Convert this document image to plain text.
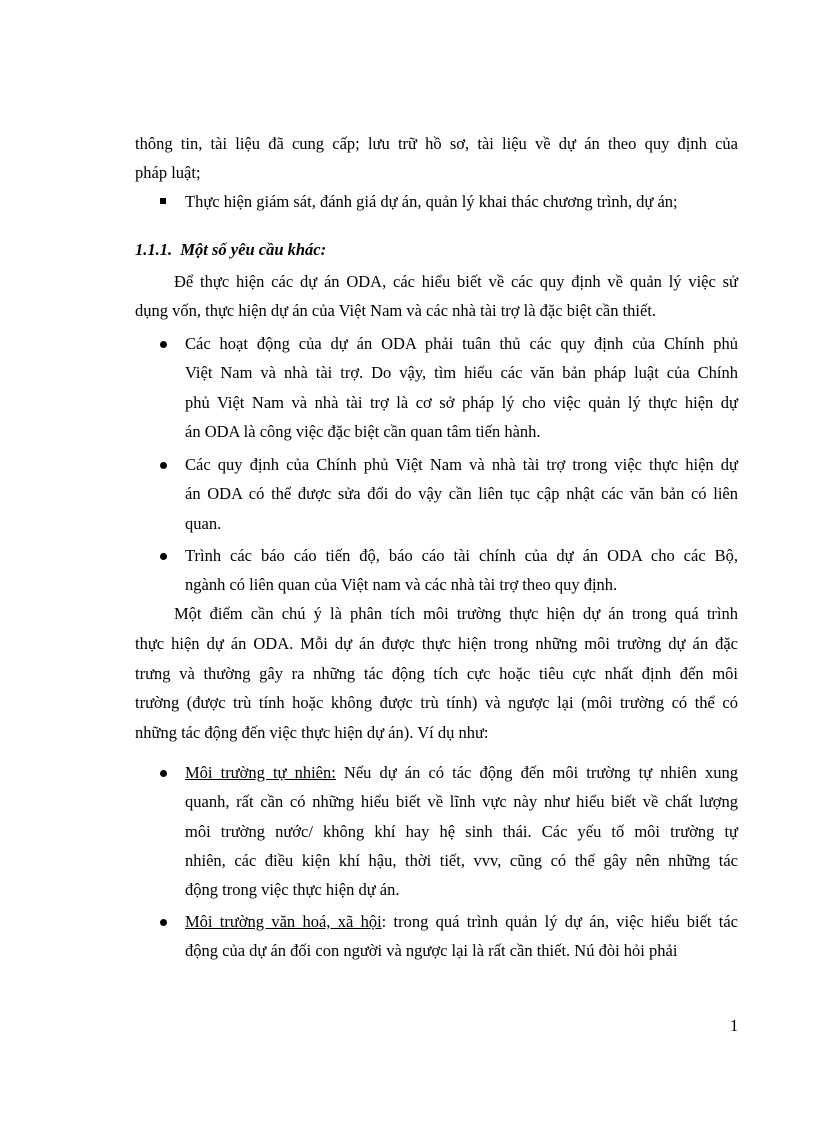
thông tin, tài liệu đã cung cấp; lưu trữ hồ sơ, tài liệu về dự án theo quy định của
pháp luật;
Thực hiện giám sát, đánh giá dự án, quản lý khai thác chương trình, dự án;
1.1.1. Một số yêu cầu khác:
Để thực hiện các dự án ODA, các hiểu biết về các quy định về quản lý việc sử
dụng vốn, thực hiện dự án của Việt Nam và các nhà tài trợ là đặc biệt cần thiết.
Các hoạt động của dự án ODA phải tuân thủ các quy định của Chính phủ
Việt Nam và nhà tài trợ. Do vậy, tìm hiểu các văn bản pháp luật của Chính
phủ Việt Nam và nhà tài trợ là cơ sở pháp lý cho việc quản lý thực hiện dự
án ODA là công việc đặc biệt cần quan tâm tiến hành.
Các quy định của Chính phủ Việt Nam và nhà tài trợ trong việc thực hiện dự
án ODA có thể được sửa đổi do vậy cần liên tục cập nhật các văn bản có liên
quan.
Trình các báo cáo tiến độ, báo cáo tài chính của dự án ODA cho các Bộ,
ngành có liên quan của Việt nam và các nhà tài trợ theo quy định.
Một điểm cần chú ý là phân tích môi trường thực hiện dự án trong quá trình
thực hiện dự án ODA. Mỗi dự án được thực hiện trong những môi trường dự án đặc
trưng và thường gây ra những tác động tích cực hoặc tiêu cực nhất định đến môi
trường (được trù tính hoặc không được trù tính) và ngược lại (môi trường có thể có
những tác động đến việc thực hiện dự án). Ví dụ như:
Môi trường tự nhiên: Nếu dự án có tác động đến môi trường tự nhiên xung
quanh, rất cần có những hiểu biết về lĩnh vực này như hiểu biết về chất lượng
môi trường nước/ không khí hay hệ sinh thái. Các yếu tố môi trường tự
nhiên, các điều kiện khí hậu, thời tiết, vvv, cũng có thể gây nên những tác
động trong việc thực hiện dự án.
Môi trường văn hoá, xã hội: trong quá trình quản lý dự án, việc hiểu biết tác
động của dự án đối con người và ngược lại là rất cần thiết. Nú đòi hỏi phải
1
